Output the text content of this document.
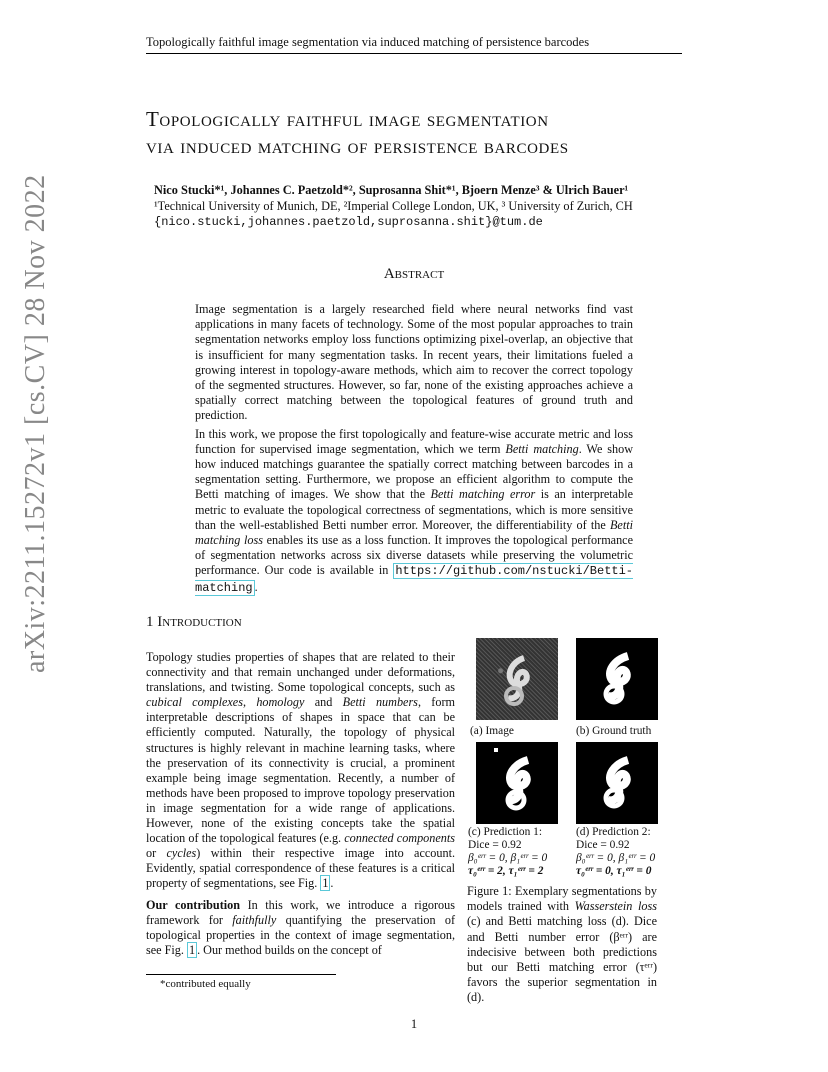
Topologically faithful image segmentation via induced matching of persistence barcodes
Topologically faithful image segmentation
via induced matching of persistence barcodes
Nico Stucki*¹, Johannes C. Paetzold*², Suprosanna Shit*¹, Bjoern Menze³ & Ulrich Bauer¹
¹Technical University of Munich, DE, ²Imperial College London, UK, ³ University of Zurich, CH
{nico.stucki,johannes.paetzold,suprosanna.shit}@tum.de
arXiv:2211.15272v1 [cs.CV] 28 Nov 2022	Abstract

Image segmentation is a largely researched field where neural networks find vast applications in many facets of technology. Some of the most popular approaches to train segmentation networks employ loss functions optimizing pixel-overlap, an objective that is insufficient for many segmentation tasks. In recent years, their limitations fueled a growing interest in topology-aware methods, which aim to recover the correct topology of the segmented structures. However, so far, none of the existing approaches achieve a spatially correct matching between the topological features of ground truth and prediction.

In this work, we propose the first topologically and feature-wise accurate metric and loss function for supervised image segmentation, which we term Betti matching. We show how induced matchings guarantee the spatially correct matching between barcodes in a segmentation setting. Furthermore, we propose an efficient algorithm to compute the Betti matching of images. We show that the Betti matching error is an interpretable metric to evaluate the topological correctness of segmentations, which is more sensitive than the well-established Betti number error. Moreover, the differentiability of the Betti matching loss enables its use as a loss function. It improves the topological performance of segmentation networks across six diverse datasets while preserving the volumetric performance. Our code is available in https://github.com/nstucki/Betti-matching .

1 Introduction

Topology studies properties of shapes that are related to their connectivity and that remain unchanged under deformations, translations, and twisting. Some topological concepts, such as cubical complexes, homology and Betti numbers, form interpretable descriptions of shapes in space that can be efficiently computed. Naturally, the topology of physical structures is highly relevant in machine learning tasks, where the preservation of its connectivity is crucial, a prominent example being image segmentation. Recently, a number of methods have been proposed to improve topology preservation in image segmentation for a wide range of applications. However, none of the existing concepts take the spatial location of the topological features (e.g. connected components or cycles) within their respective image into account. Evidently, spatial correspondence of these features is a critical property of segmentations, see Fig. 1 .

Our contribution In this work, we introduce a rigorous framework for faithfully quantifying the preservation of topological properties in the context of image segmentation, see Fig. 1 . Our method builds on the concept of

*contributed equally
(a) Image	(b) Ground truth
(c) Prediction 1:
Dice = 0.92
β₀ᵉʳʳ = 0, β₁ᵉʳʳ = 0
τ₀ᵉʳʳ = 2, τ₁ᵉʳʳ = 2
(d) Prediction 2:
Dice = 0.92
β₀ᵉʳʳ = 0, β₁ᵉʳʳ = 0
τ₀ᵉʳʳ = 0, τ₁ᵉʳʳ = 0
Figure 1: Exemplary segmentations by models trained with Wasserstein loss (c) and Betti matching loss (d). Dice and Betti number error (βᵉʳʳ) are indecisive between both predictions but our Betti matching error (τᵉʳʳ) favors the superior segmentation in (d).
1
